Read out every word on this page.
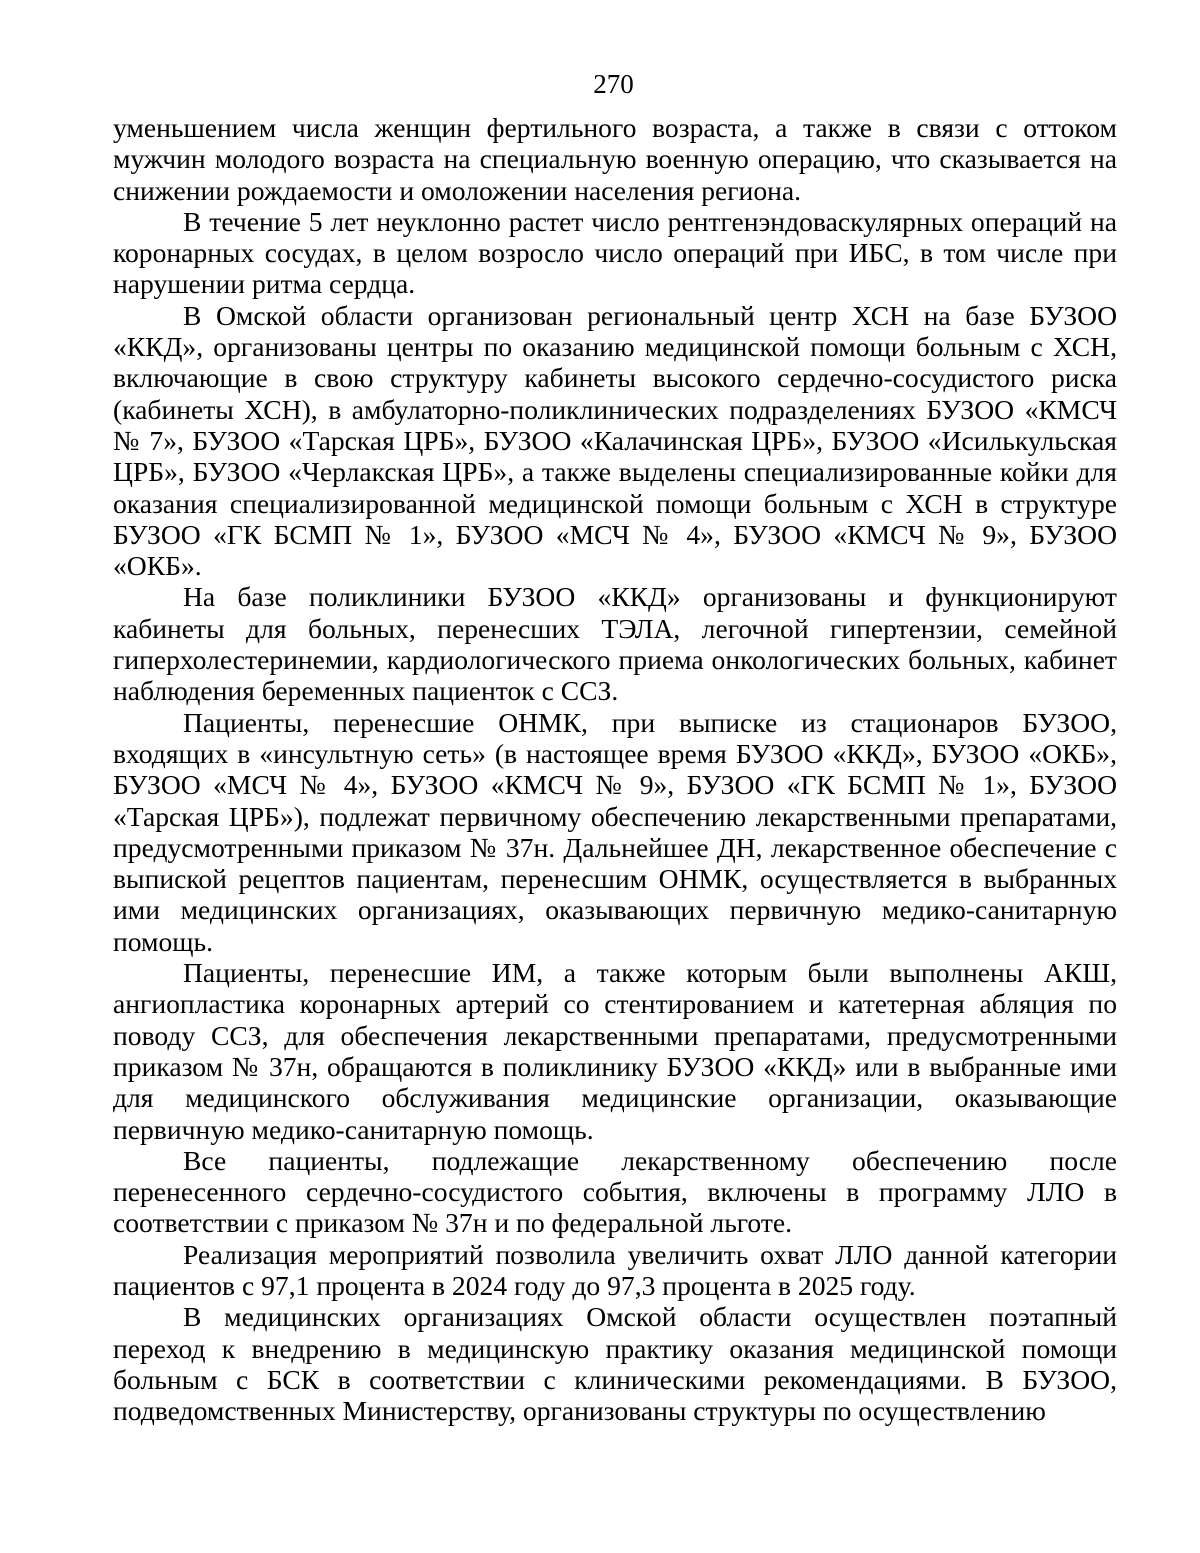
270

уменьшением числа женщин фертильного возраста, а также в связи с оттоком мужчин молодого возраста на специальную военную операцию, что сказывается на снижении рождаемости и омоложении населения региона.

В течение 5 лет неуклонно растет число рентгенэндоваскулярных операций на коронарных сосудах, в целом возросло число операций при ИБС, в том числе при нарушении ритма сердца.

В Омской области организован региональный центр ХСН на базе БУЗОО «ККД», организованы центры по оказанию медицинской помощи больным с ХСН, включающие в свою структуру кабинеты высокого сердечно-сосудистого риска (кабинеты ХСН), в амбулаторно-поликлинических подразделениях БУЗОО «КМСЧ № 7», БУЗОО «Тарская ЦРБ», БУЗОО «Калачинская ЦРБ», БУЗОО «Исилькульская ЦРБ», БУЗОО «Черлакская ЦРБ», а также выделены специализированные койки для оказания специализированной медицинской помощи больным с ХСН в структуре БУЗОО «ГК БСМП № 1», БУЗОО «МСЧ № 4», БУЗОО «КМСЧ № 9», БУЗОО «ОКБ».

На базе поликлиники БУЗОО «ККД» организованы и функционируют кабинеты для больных, перенесших ТЭЛА, легочной гипертензии, семейной гиперхолестеринемии, кардиологического приема онкологических больных, кабинет наблюдения беременных пациенток с ССЗ.

Пациенты, перенесшие ОНМК, при выписке из стационаров БУЗОО, входящих в «инсультную сеть» (в настоящее время БУЗОО «ККД», БУЗОО «ОКБ», БУЗОО «МСЧ № 4», БУЗОО «КМСЧ № 9», БУЗОО «ГК БСМП № 1», БУЗОО «Тарская ЦРБ»), подлежат первичному обеспечению лекарственными препаратами, предусмотренными приказом № 37н. Дальнейшее ДН, лекарственное обеспечение с выпиской рецептов пациентам, перенесшим ОНМК, осуществляется в выбранных ими медицинских организациях, оказывающих первичную медико-санитарную помощь.

Пациенты, перенесшие ИМ, а также которым были выполнены АКШ, ангиопластика коронарных артерий со стентированием и катетерная абляция по поводу ССЗ, для обеспечения лекарственными препаратами, предусмотренными приказом № 37н, обращаются в поликлинику БУЗОО «ККД» или в выбранные ими для медицинского обслуживания медицинские организации, оказывающие первичную медико-санитарную помощь.

Все пациенты, подлежащие лекарственному обеспечению после перенесенного сердечно-сосудистого события, включены в программу ЛЛО в соответствии с приказом № 37н и по федеральной льготе.

Реализация мероприятий позволила увеличить охват ЛЛО данной категории пациентов с 97,1 процента в 2024 году до 97,3 процента в 2025 году.

В медицинских организациях Омской области осуществлен поэтапный переход к внедрению в медицинскую практику оказания медицинской помощи больным с БСК в соответствии с клиническими рекомендациями. В БУЗОО, подведомственных Министерству, организованы структуры по осуществлению
